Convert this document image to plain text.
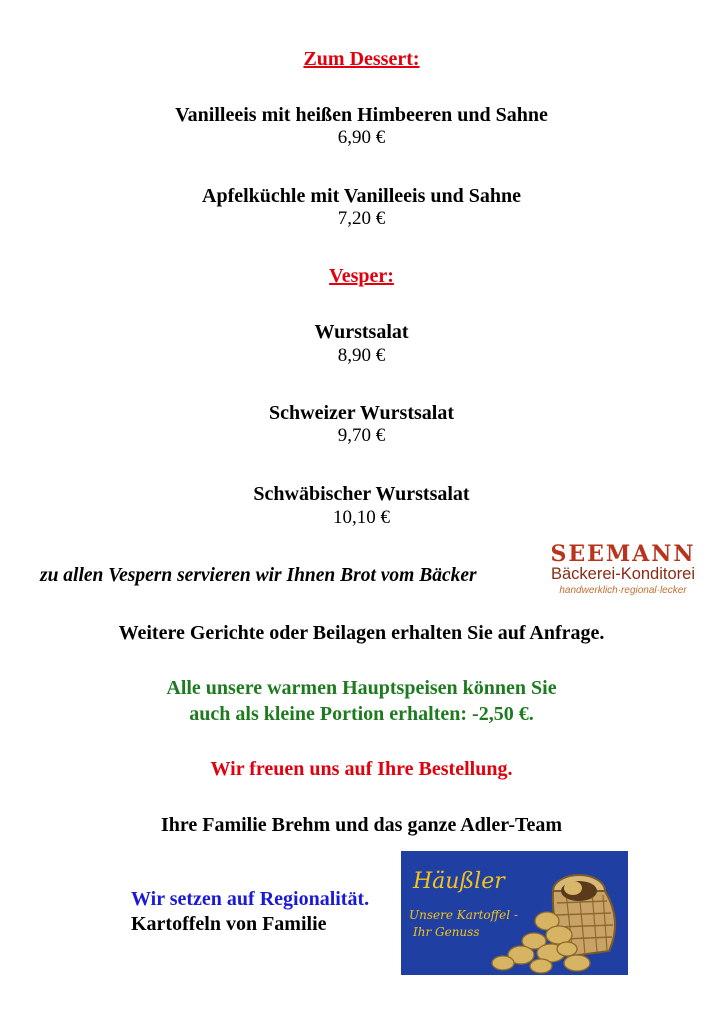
Zum Dessert:
Vanilleeis mit heißen Himbeeren und Sahne
6,90 €
Apfelküchle mit Vanilleeis und Sahne
7,20 €
Vesper:
Wurstsalat
8,90 €
Schweizer Wurstsalat
9,70 €
Schwäbischer Wurstsalat
10,10 €
zu allen Vespern servieren wir Ihnen Brot vom Bäcker
SEEMANN
Bäckerei-Konditorei
handwerklich·regional·lecker
Weitere Gerichte oder Beilagen erhalten Sie auf Anfrage.
Alle unsere warmen Hauptspeisen können Sie
auch als kleine Portion erhalten: -2,50 €.
Wir freuen uns auf Ihre Bestellung.
Ihre Familie Brehm und das ganze Adler-Team
Wir setzen auf Regionalität.
Kartoffeln von Familie
Häußler
Unsere Kartoffel -
Ihr Genuss
